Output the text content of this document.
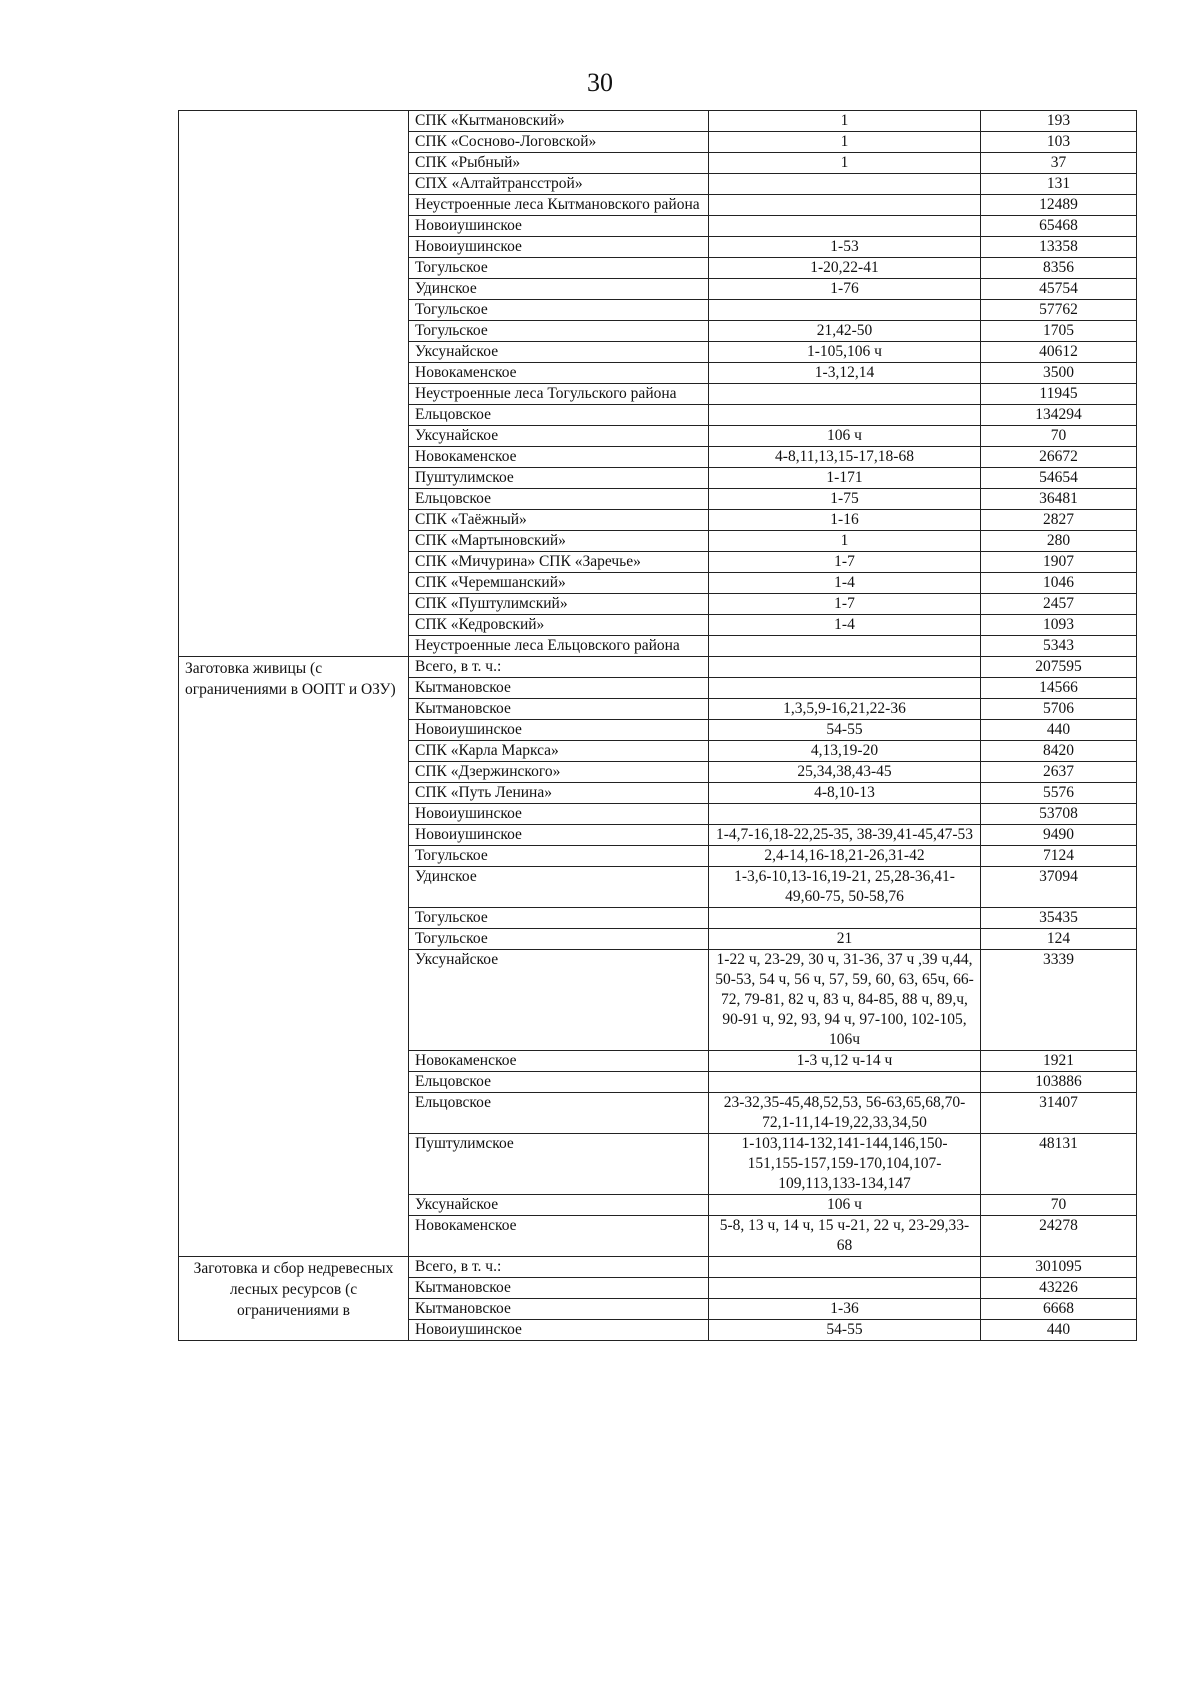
30
	СПК «Кытмановский»	1	193
	СПК «Сосново-Логовской»	1	103
	СПК «Рыбный»	1	37
	СПХ «Алтайтрансстрой»		131
	Неустроенные леса Кытмановского района		12489
	Новоиушинское		65468
	Новоиушинское	1-53	13358
	Тогульское	1-20,22-41	8356
	Удинское	1-76	45754
	Тогульское		57762
	Тогульское	21,42-50	1705
	Уксунайское	1-105,106 ч	40612
	Новокаменское	1-3,12,14	3500
	Неустроенные леса Тогульского района		11945
	Ельцовское		134294
	Уксунайское	106 ч	70
	Новокаменское	4-8,11,13,15-17,18-68	26672
	Пуштулимское	1-171	54654
	Ельцовское	1-75	36481
	СПК «Таёжный»	1-16	2827
	СПК «Мартыновский»	1	280
	СПК «Мичурина» СПК «Заречье»	1-7	1907
	СПК «Черемшанский»	1-4	1046
	СПК «Пуштулимский»	1-7	2457
	СПК «Кедровский»	1-4	1093
	Неустроенные леса Ельцовского района		5343
Заготовка живицы (с ограничениями в ООПТ и ОЗУ)	Всего, в т. ч.:		207595
	Кытмановское		14566
	Кытмановское	1,3,5,9-16,21,22-36	5706
	Новоиушинское	54-55	440
	СПК «Карла Маркса»	4,13,19-20	8420
	СПК «Дзержинского»	25,34,38,43-45	2637
	СПК «Путь Ленина»	4-8,10-13	5576
	Новоиушинское		53708
	Новоиушинское	1-4,7-16,18-22,25-35, 38-39,41-45,47-53	9490
	Тогульское	2,4-14,16-18,21-26,31-42	7124
	Удинское	1-3,6-10,13-16,19-21, 25,28-36,41-49,60-75, 50-58,76	37094
	Тогульское		35435
	Тогульское	21	124
	Уксунайское	1-22 ч, 23-29, 30 ч, 31-36, 37 ч ,39 ч,44, 50-53, 54 ч, 56 ч, 57, 59, 60, 63, 65ч, 66-72, 79-81, 82 ч, 83 ч, 84-85, 88 ч, 89,ч, 90-91 ч, 92, 93, 94 ч, 97-100, 102-105, 106ч	3339
	Новокаменское	1-3 ч,12 ч-14 ч	1921
	Ельцовское		103886
	Ельцовское	23-32,35-45,48,52,53, 56-63,65,68,70-72,1-11,14-19,22,33,34,50	31407
	Пуштулимское	1-103,114-132,141-144,146,150-151,155-157,159-170,104,107-109,113,133-134,147	48131
	Уксунайское	106 ч	70
	Новокаменское	5-8, 13 ч, 14 ч, 15 ч-21, 22 ч, 23-29,33-68	24278
Заготовка и сбор недревесных лесных ресурсов (с ограничениями в	Всего, в т. ч.:		301095
	Кытмановское		43226
	Кытмановское	1-36	6668
	Новоиушинское	54-55	440
